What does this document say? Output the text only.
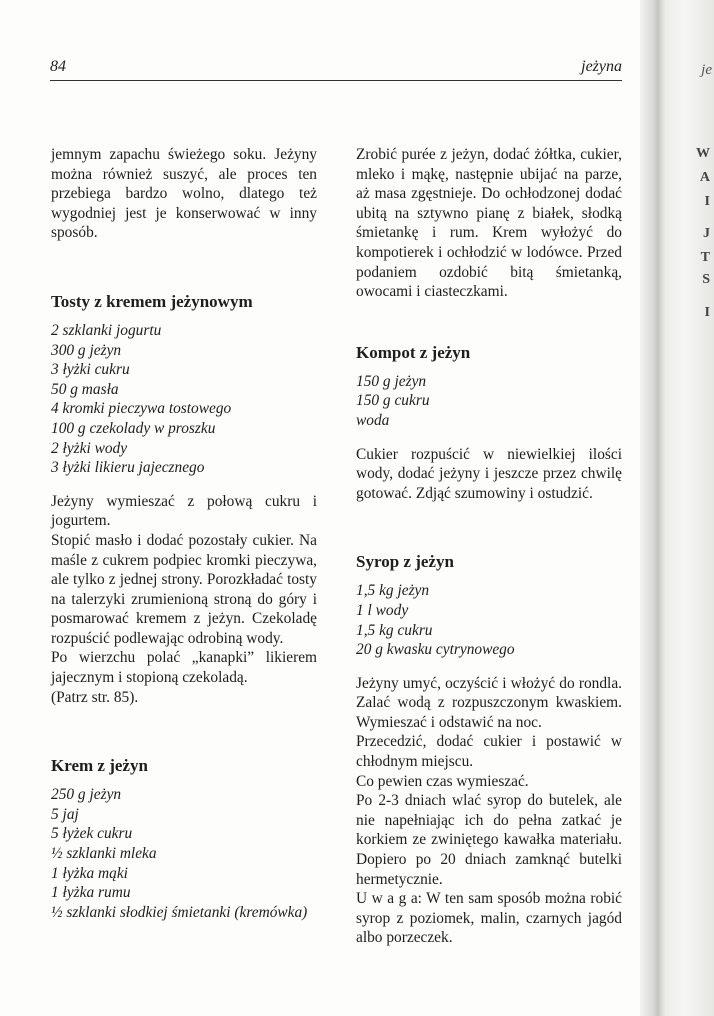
je
W
A
I
J
T
S
I
84	jeżyna

jemnym zapachu świeżego soku. Jeżyny można również suszyć, ale proces ten przebiega bardzo wolno, dlatego też wygodniej jest je konserwować w inny sposób.

Tosty z kremem jeżynowym
2 szklanki jogurtu
300 g jeżyn
3 łyżki cukru
50 g masła
4 kromki pieczywa tostowego
100 g czekolady w proszku
2 łyżki wody
3 łyżki likieru jajecznego

Jeżyny wymieszać z połową cukru i jogurtem.

Stopić masło i dodać pozostały cukier. Na maśle z cukrem podpiec kromki pieczywa, ale tylko z jednej strony. Porozkładać tosty na talerzyki zrumienioną stroną do góry i posmarować kremem z jeżyn. Czekoladę rozpuścić podlewając odrobiną wody.

Po wierzchu polać „kanapki” likierem jajecznym i stopioną czekoladą.

(Patrz str. 85).

Krem z jeżyn
250 g jeżyn
5 jaj
5 łyżek cukru
½ szklanki mleka
1 łyżka mąki
1 łyżka rumu
½ szklanki słodkiej śmietanki (kremówka)

Zrobić purée z jeżyn, dodać żółtka, cukier, mleko i mąkę, następnie ubijać na parze, aż masa zgęstnieje. Do ochłodzonej dodać ubitą na sztywno pianę z białek, słodką śmietankę i rum. Krem wyłożyć do kompotierek i ochłodzić w lodówce. Przed podaniem ozdobić bitą śmietanką, owocami i ciasteczkami.

Kompot z jeżyn
150 g jeżyn
150 g cukru
woda

Cukier rozpuścić w niewielkiej ilości wody, dodać jeżyny i jeszcze przez chwilę gotować. Zdjąć szumowiny i ostudzić.

Syrop z jeżyn
1,5 kg jeżyn
1 l wody
1,5 kg cukru
20 g kwasku cytrynowego

Jeżyny umyć, oczyścić i włożyć do rondla. Zalać wodą z rozpuszczonym kwaskiem. Wymieszać i odstawić na noc.

Przecedzić, dodać cukier i postawić w chłodnym miejscu.

Co pewien czas wymieszać.

Po 2-3 dniach wlać syrop do butelek, ale nie napełniając ich do pełna zatkać je korkiem ze zwiniętego kawałka materiału. Dopiero po 20 dniach zamknąć butelki hermetycznie.

U w a g a: W ten sam sposób można robić syrop z poziomek, malin, czarnych jagód albo porzeczek.
